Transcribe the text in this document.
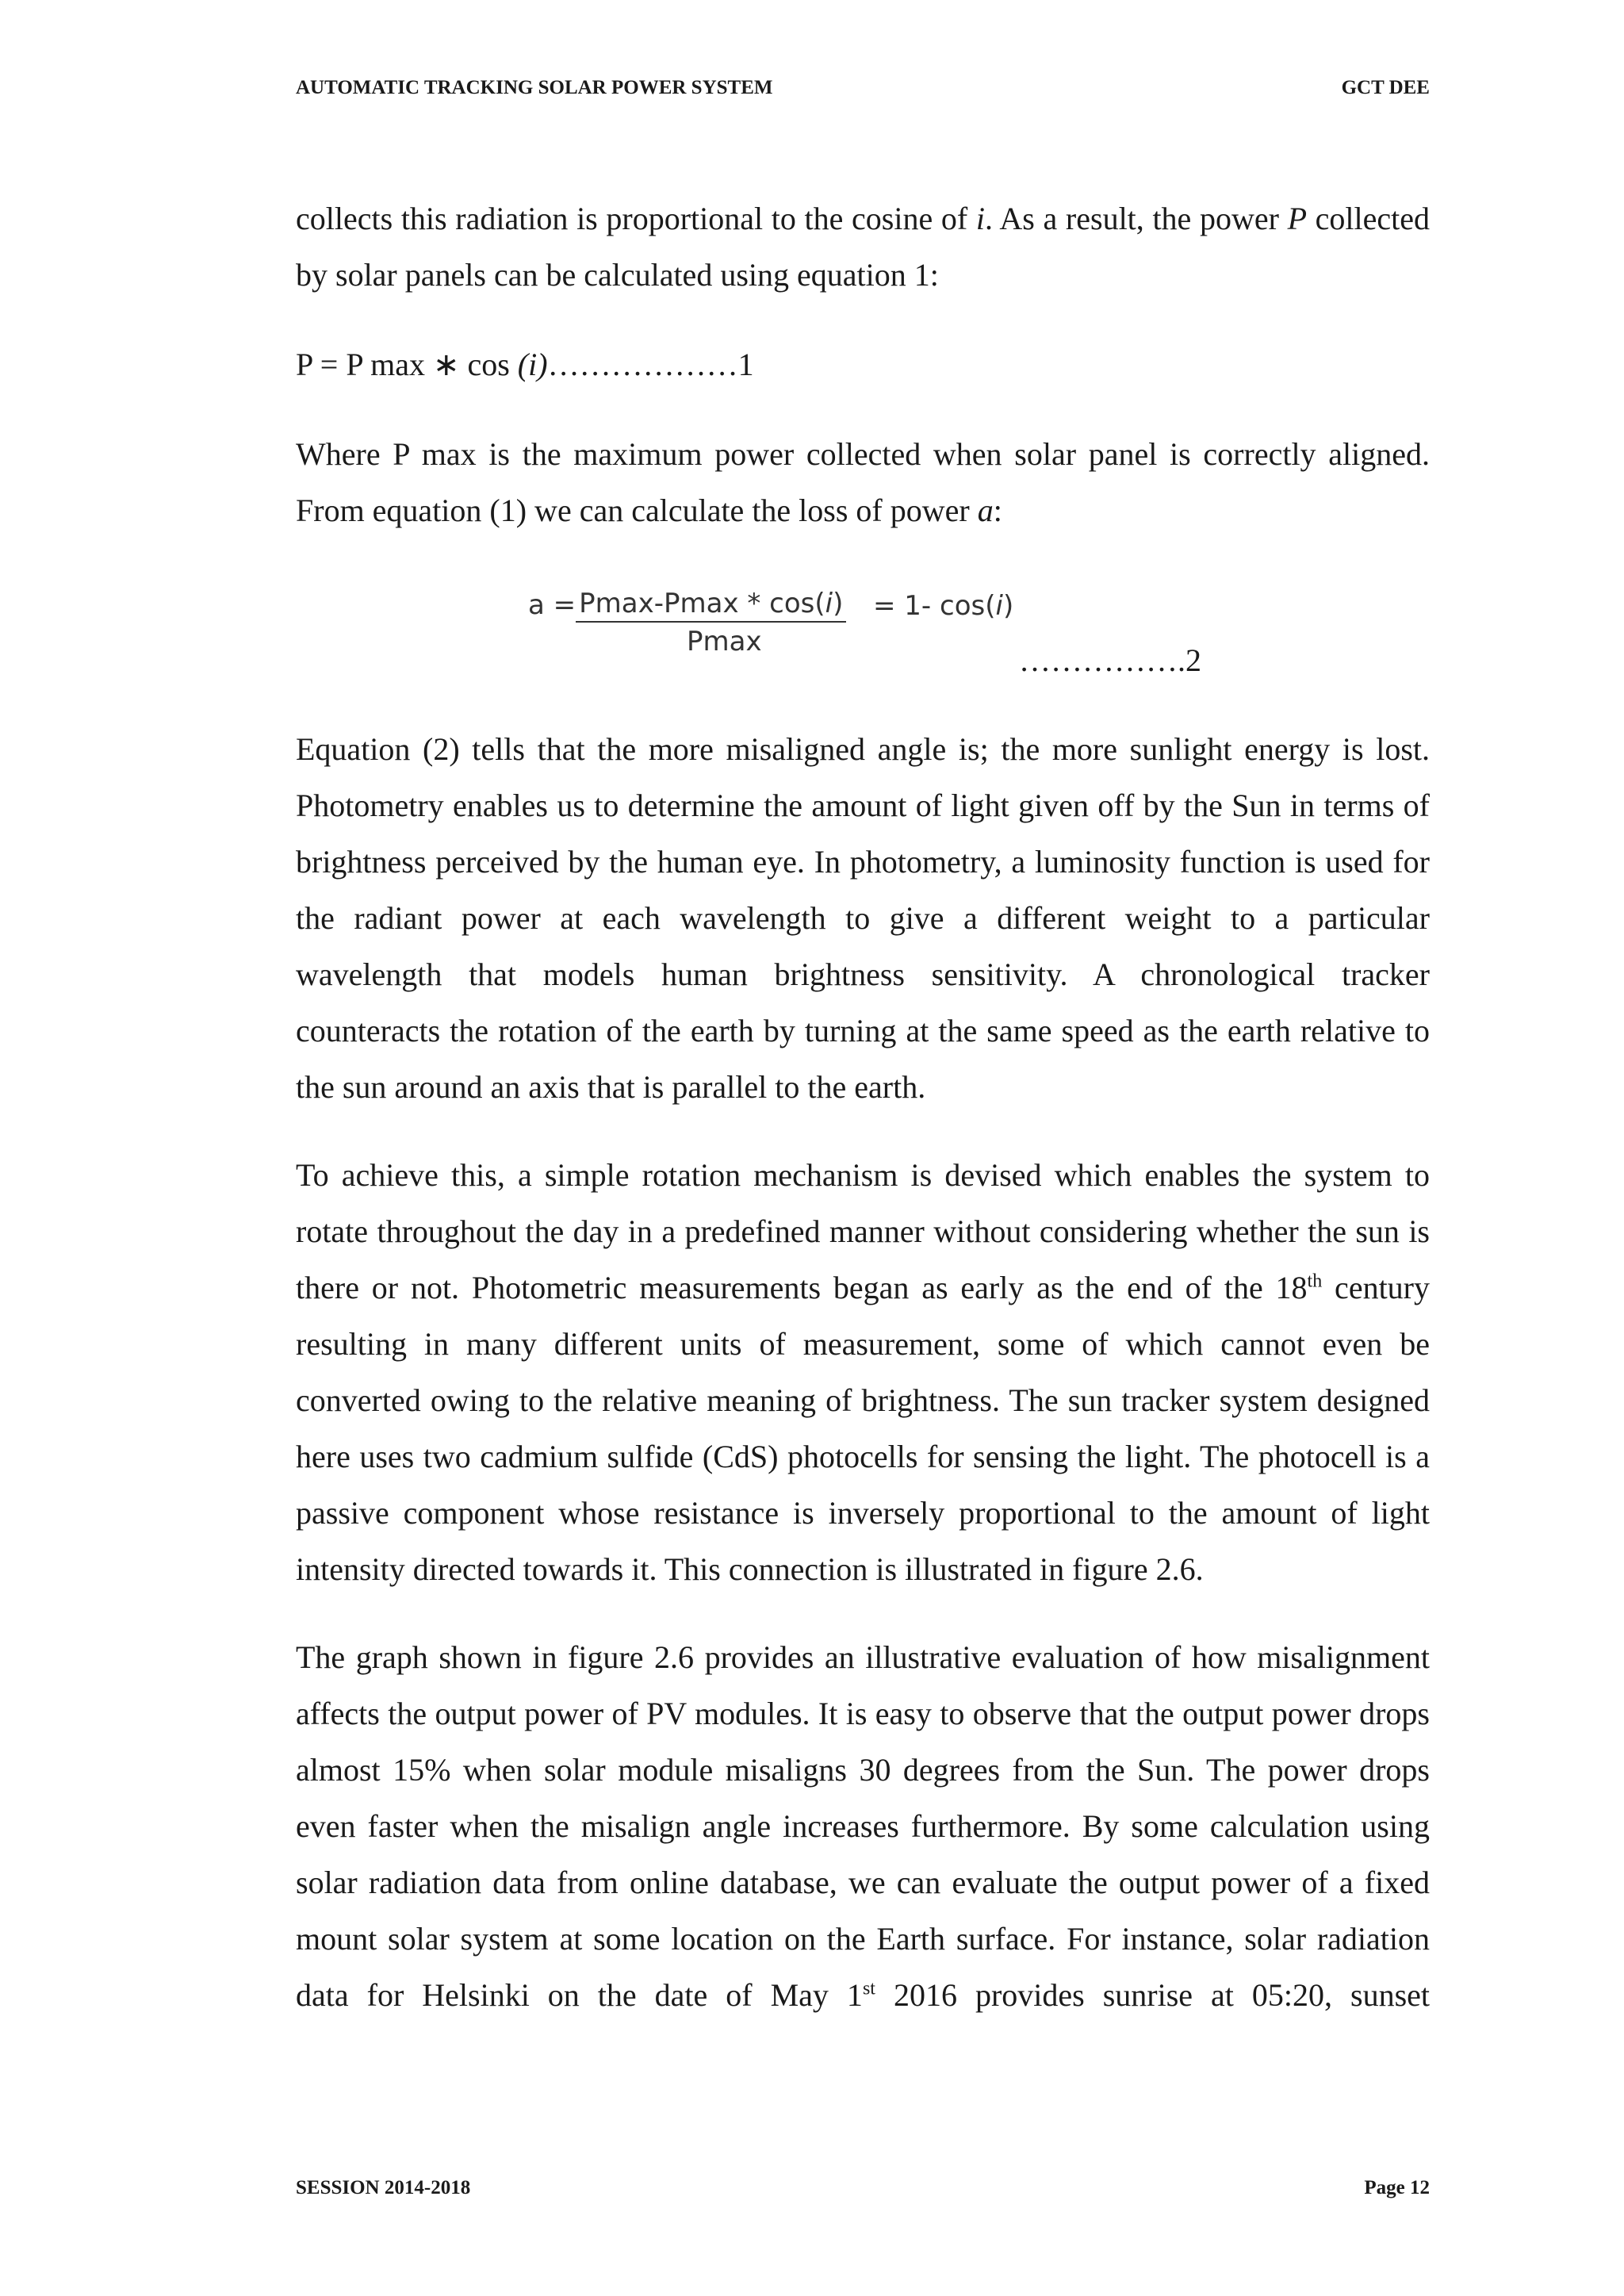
AUTOMATIC TRACKING SOLAR POWER SYSTEM	GCT DEE

collects this radiation is proportional to the cosine of i. As a result, the power P collected by solar panels can be calculated using equation 1:

P = P max ∗ cos (i)………………1

Where P max is the maximum power collected when solar panel is correctly aligned. From equation (1) we can calculate the loss of power a:

a = Pmax-Pmax * cos(i)
Pmax
= 1- cos(i)
…………….2

Equation (2) tells that the more misaligned angle is; the more sunlight energy is lost. Photometry enables us to determine the amount of light given off by the Sun in terms of brightness perceived by the human eye. In photometry, a luminosity function is used for the radiant power at each wavelength to give a different weight to a particular wavelength that models human brightness sensitivity. A chronological tracker counteracts the rotation of the earth by turning at the same speed as the earth relative to the sun around an axis that is parallel to the earth.

To achieve this, a simple rotation mechanism is devised which enables the system to rotate throughout the day in a predefined manner without considering whether the sun is there or not. Photometric measurements began as early as the end of the 18th century resulting in many different units of measurement, some of which cannot even be converted owing to the relative meaning of brightness. The sun tracker system designed here uses two cadmium sulfide (CdS) photocells for sensing the light. The photocell is a passive component whose resistance is inversely proportional to the amount of light intensity directed towards it. This connection is illustrated in figure 2.6.

The graph shown in figure 2.6 provides an illustrative evaluation of how misalignment affects the output power of PV modules. It is easy to observe that the output power drops almost 15% when solar module misaligns 30 degrees from the Sun. The power drops even faster when the misalign angle increases furthermore. By some calculation using solar radiation data from online database, we can evaluate the output power of a fixed mount solar system at some location on the Earth surface. For instance, solar radiation data for Helsinki on the date of May 1st 2016 provides sunrise at 05:20, sunset

SESSION 2014-2018	Page 12
